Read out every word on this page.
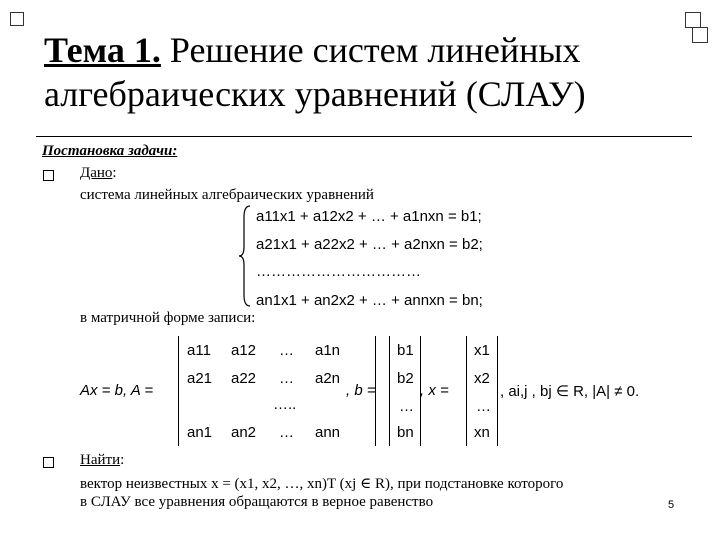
Тема 1. Решение систем линейных
алгебраических уравнений (СЛАУ)
Постановка задачи:
Дано:
система линейных алгебраических уравнений
a11x1 + a12x2 + … + a1nxn = b1;
a21x1 + a22x2 + … + a2nxn = b2;
……………………………
an1x1 + an2x2 + … + annxn = bn;
в матричной форме записи:
Ax = b, A =
a11 a12 … a1n
a21 a22 … a2n
…..
an1 an2 … ann
, b =
b1
b2
…
bn
, x =
x1
x2
…
xn
, ai,j , bj ∈ R, |A| ≠ 0.
Найти:
вектор неизвестных x = (x1, x2, …, xn)T (xj ∈ R), при подстановке которого
в СЛАУ все уравнения обращаются в верное равенство	5
